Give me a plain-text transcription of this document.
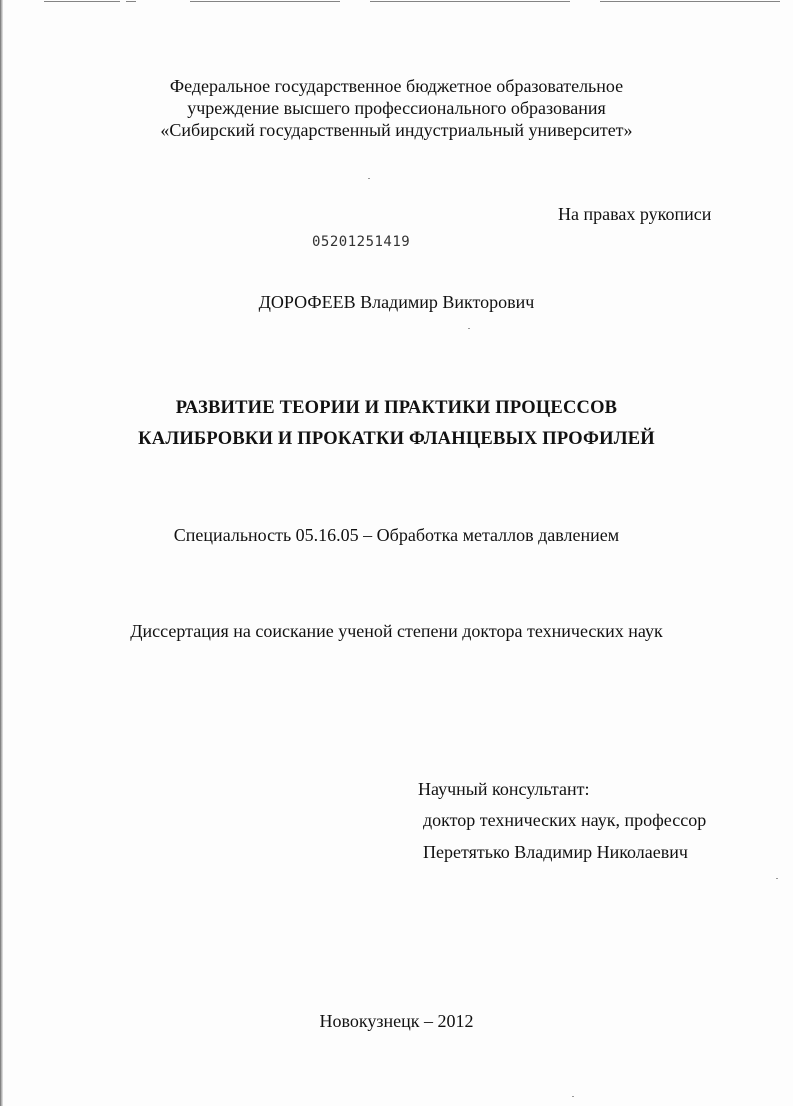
Федеральное государственное бюджетное образовательное
учреждение высшего профессионального образования
«Сибирский государственный индустриальный университет»
На правах рукописи
05201251419
ДОРОФЕЕВ Владимир Викторович
РАЗВИТИЕ ТЕОРИИ И ПРАКТИКИ ПРОЦЕССОВ
КАЛИБРОВКИ И ПРОКАТКИ ФЛАНЦЕВЫХ ПРОФИЛЕЙ
Специальность 05.16.05 – Обработка металлов давлением
Диссертация на соискание ученой степени доктора технических наук
Научный консультант:
доктор технических наук, профессор
Перетятько Владимир Николаевич
Новокузнецк – 2012
